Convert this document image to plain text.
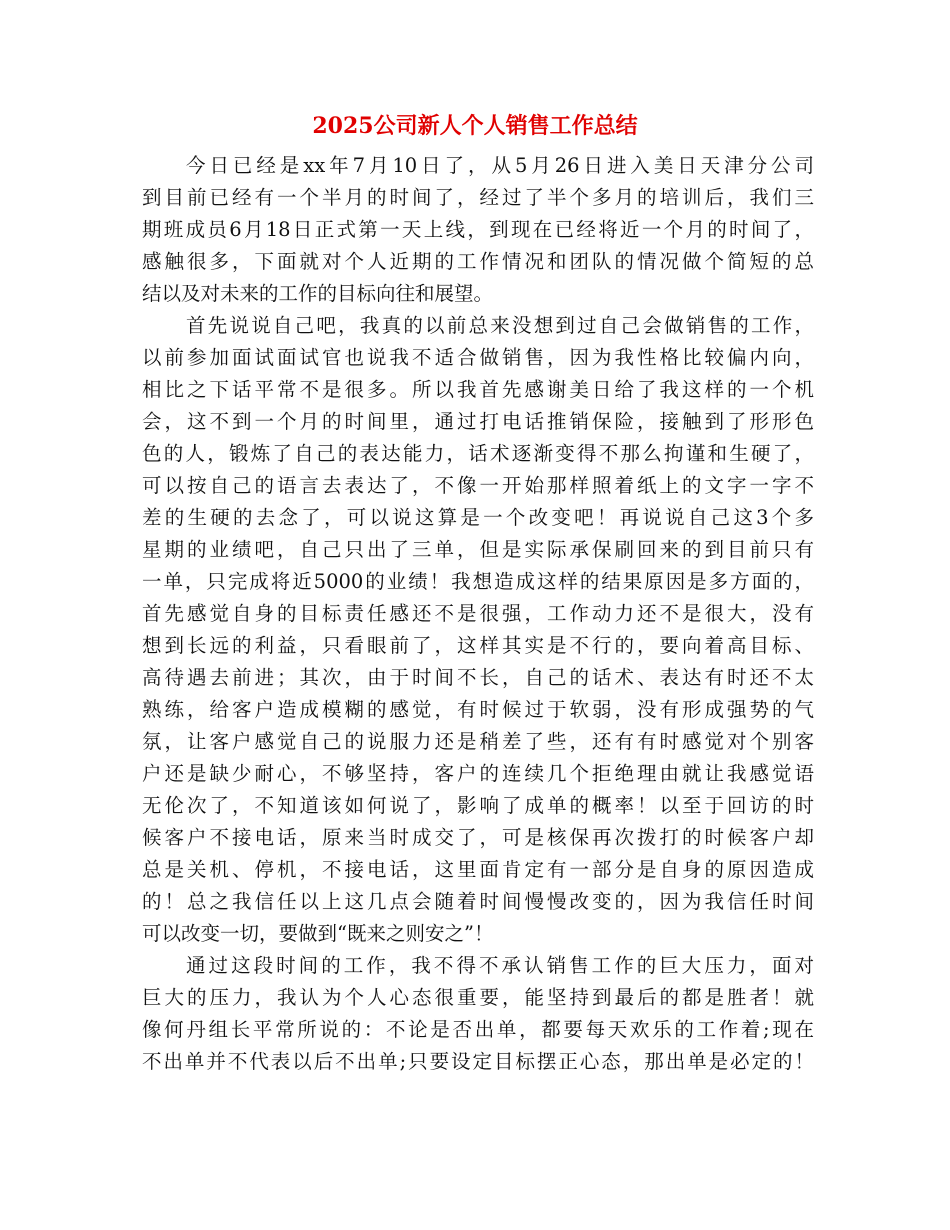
2025公司新人个人销售工作总结
今日已经是xx年7月10日了，从5月26日进入美日天津分公司
到目前已经有一个半月的时间了，经过了半个多月的培训后，我们三
期班成员6月18日正式第一天上线，到现在已经将近一个月的时间了，
感触很多，下面就对个人近期的工作情况和团队的情况做个简短的总
结以及对未来的工作的目标向往和展望。
首先说说自己吧，我真的以前总来没想到过自己会做销售的工作，
以前参加面试面试官也说我不适合做销售，因为我性格比较偏内向，
相比之下话平常不是很多。所以我首先感谢美日给了我这样的一个机
会，这不到一个月的时间里，通过打电话推销保险，接触到了形形色
色的人，锻炼了自己的表达能力，话术逐渐变得不那么拘谨和生硬了，
可以按自己的语言去表达了，不像一开始那样照着纸上的文字一字不
差的生硬的去念了，可以说这算是一个改变吧！再说说自己这3个多
星期的业绩吧，自己只出了三单，但是实际承保刷回来的到目前只有
一单，只完成将近5000的业绩！我想造成这样的结果原因是多方面的，
首先感觉自身的目标责任感还不是很强，工作动力还不是很大，没有
想到长远的利益，只看眼前了，这样其实是不行的，要向着高目标、
高待遇去前进；其次，由于时间不长，自己的话术、表达有时还不太
熟练，给客户造成模糊的感觉，有时候过于软弱，没有形成强势的气
氛，让客户感觉自己的说服力还是稍差了些，还有有时感觉对个别客
户还是缺少耐心，不够坚持，客户的连续几个拒绝理由就让我感觉语
无伦次了，不知道该如何说了，影响了成单的概率！以至于回访的时
候客户不接电话，原来当时成交了，可是核保再次拨打的时候客户却
总是关机、停机，不接电话，这里面肯定有一部分是自身的原因造成
的！总之我信任以上这几点会随着时间慢慢改变的，因为我信任时间
可以改变一切，要做到“既来之则安之”！
通过这段时间的工作，我不得不承认销售工作的巨大压力，面对
巨大的压力，我认为个人心态很重要，能坚持到最后的都是胜者！就
像何丹组长平常所说的：不论是否出单，都要每天欢乐的工作着;现在
不出单并不代表以后不出单;只要设定目标摆正心态，那出单是必定的！
